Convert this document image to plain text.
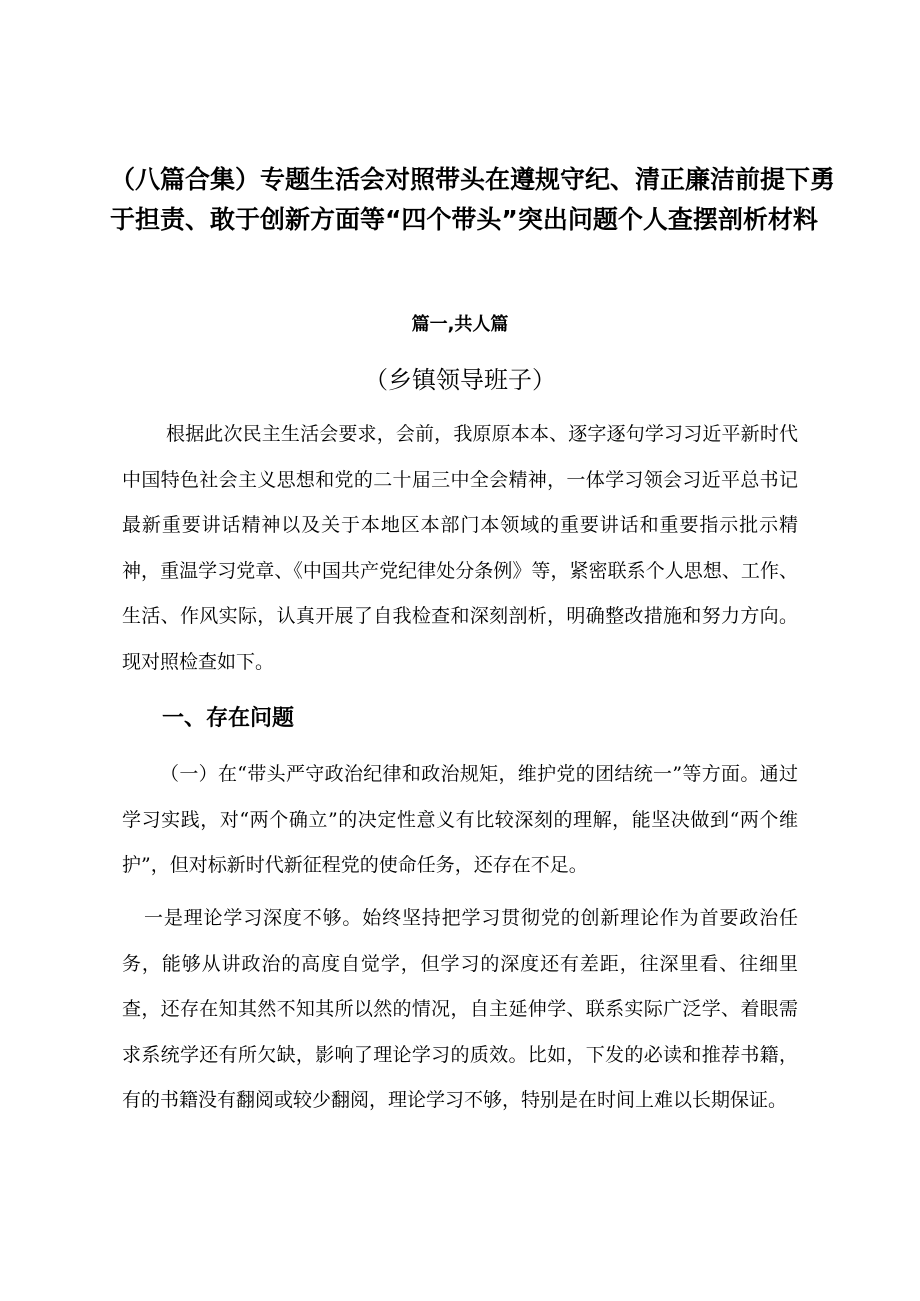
（八篇合集）专题生活会对照带头在遵规守纪、清正廉洁前提下勇
于担责、敢于创新方面等“四个带头”突出问题个人查摆剖析材料

篇一,共人篇

（乡镇领导班子）

根据此次民主生活会要求，会前，我原原本本、逐字逐句学习习近平新时代中国特色社会主义思想和党的二十届三中全会精神，一体学习领会习近平总书记最新重要讲话精神以及关于本地区本部门本领域的重要讲话和重要指示批示精神，重温学习党章、《中国共产党纪律处分条例》等，紧密联系个人思想、工作、生活、作风实际，认真开展了自我检查和深刻剖析，明确整改措施和努力方向。现对照检查如下。

一、存在问题

（一）在“带头严守政治纪律和政治规矩，维护党的团结统一”等方面。通过学习实践，对“两个确立”的决定性意义有比较深刻的理解，能坚决做到“两个维护”，但对标新时代新征程党的使命任务，还存在不足。

一是理论学习深度不够。始终坚持把学习贯彻党的创新理论作为首要政治任务，能够从讲政治的高度自觉学，但学习的深度还有差距，往深里看、往细里查，还存在知其然不知其所以然的情况，自主延伸学、联系实际广泛学、着眼需求系统学还有所欠缺，影响了理论学习的质效。比如，下发的必读和推荐书籍，有的书籍没有翻阅或较少翻阅，理论学习不够，特别是在时间上难以长期保证。
